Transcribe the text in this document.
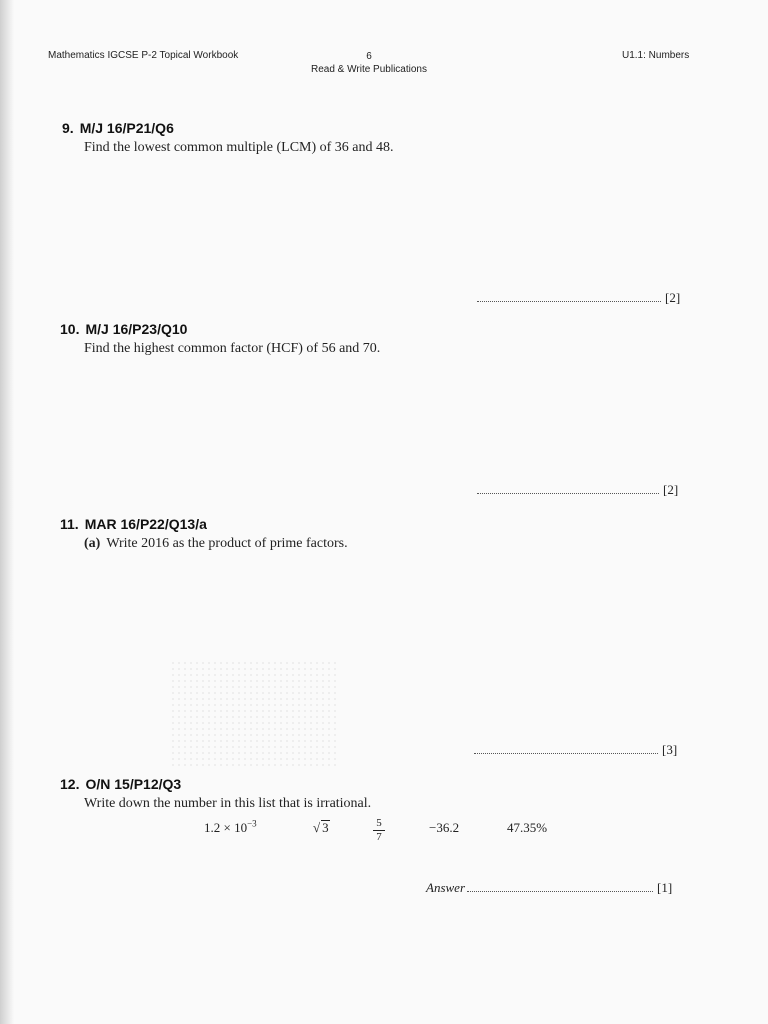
Mathematics IGCSE P-2 Topical Workbook	6
Read & Write Publications
U1.1: Numbers
9. M/J 16/P21/Q6
Find the lowest common multiple (LCM) of 36 and 48.
[2]
10. M/J 16/P23/Q10
Find the highest common factor (HCF) of 56 and 70.
[2]
11. MAR 16/P22/Q13/a
(a) Write 2016 as the product of prime factors.
[3]
12. O/N 15/P12/Q3
Write down the number in this list that is irrational.
$1.2 \times 10^{-3}$	√ 3	5
7
−36.2	47.35%
Answer	[1]
